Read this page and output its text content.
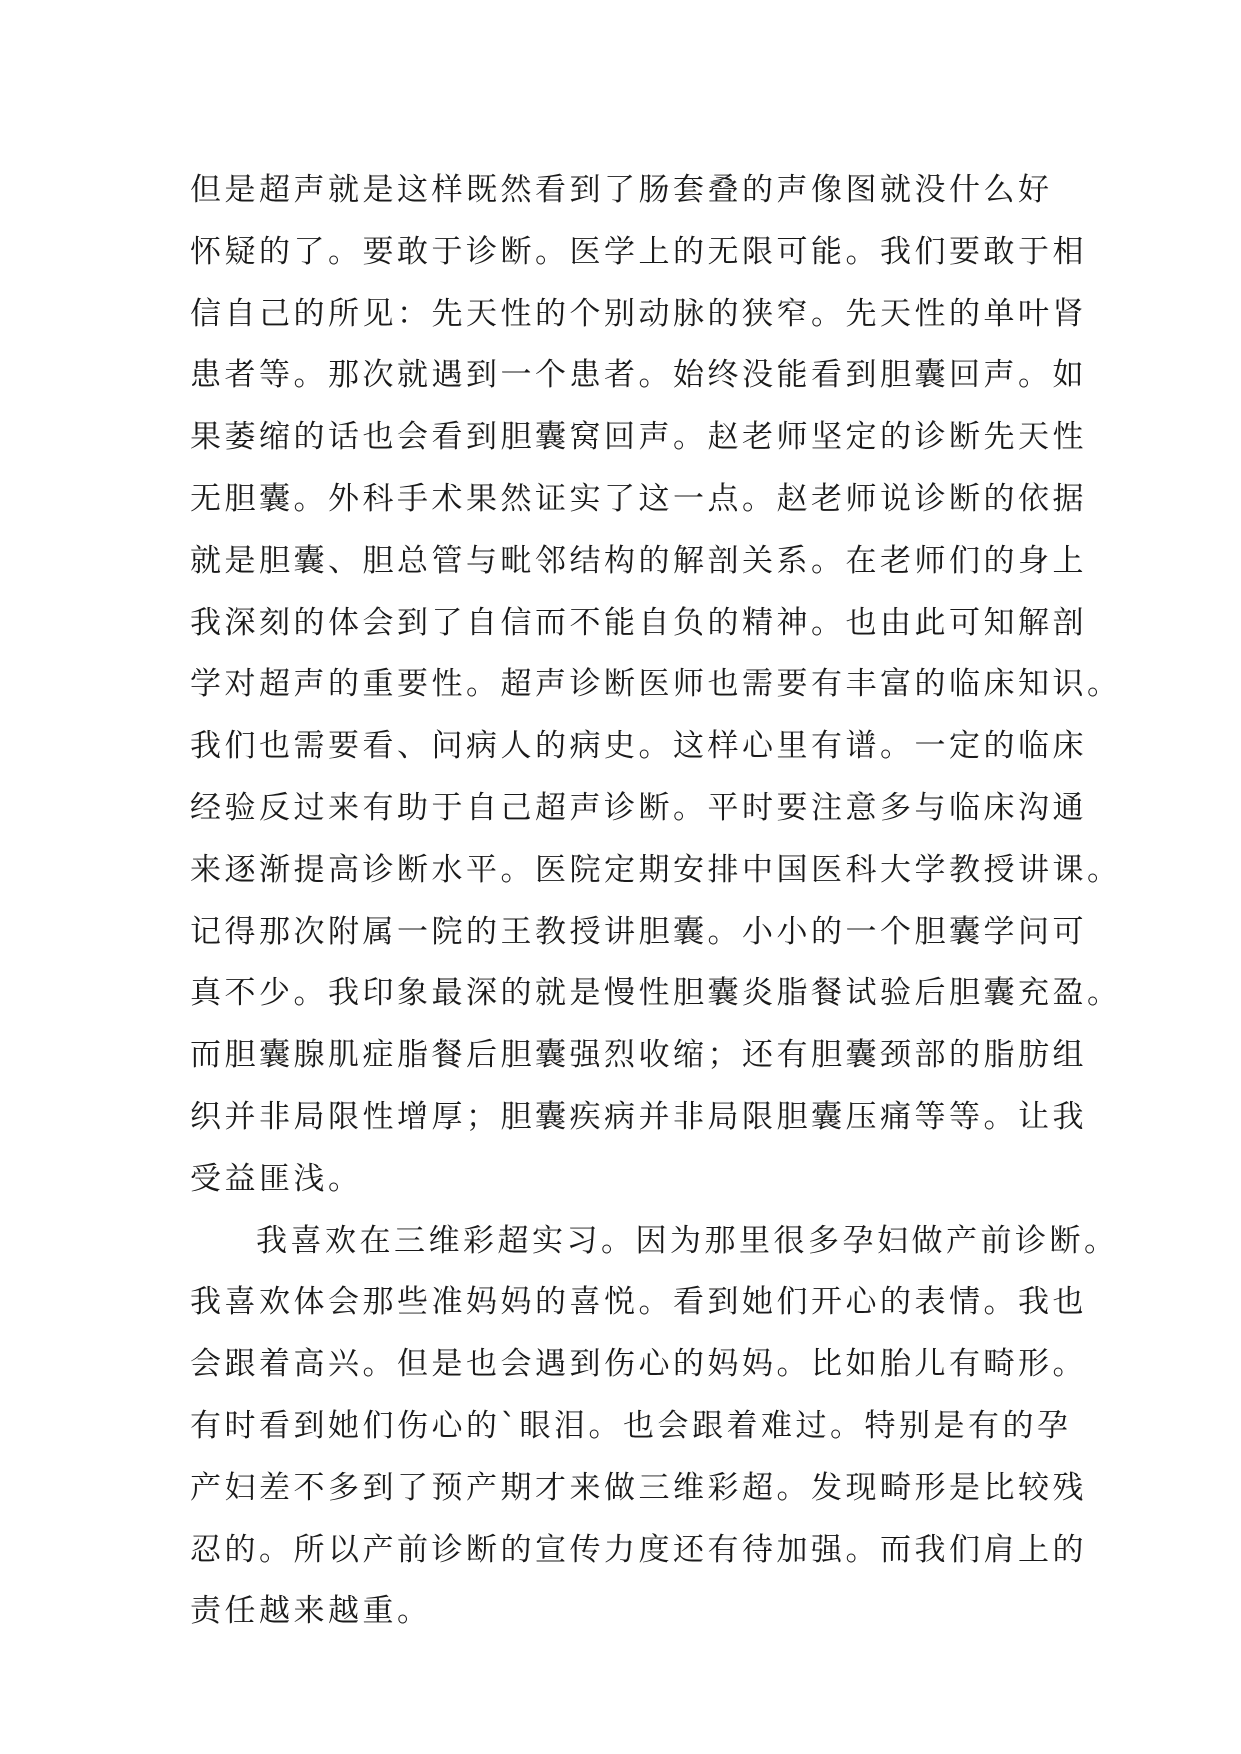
但是超声就是这样既然看到了肠套叠的声像图就没什么好
怀疑的了。要敢于诊断。医学上的无限可能。我们要敢于相
信自己的所见：先天性的个别动脉的狭窄。先天性的单叶肾
患者等。那次就遇到一个患者。始终没能看到胆囊回声。如
果萎缩的话也会看到胆囊窝回声。赵老师坚定的诊断先天性
无胆囊。外科手术果然证实了这一点。赵老师说诊断的依据
就是胆囊、胆总管与毗邻结构的解剖关系。在老师们的身上
我深刻的体会到了自信而不能自负的精神。也由此可知解剖
学对超声的重要性。超声诊断医师也需要有丰富的临床知识。
我们也需要看、问病人的病史。这样心里有谱。一定的临床
经验反过来有助于自己超声诊断。平时要注意多与临床沟通
来逐渐提高诊断水平。医院定期安排中国医科大学教授讲课。
记得那次附属一院的王教授讲胆囊。小小的一个胆囊学问可
真不少。我印象最深的就是慢性胆囊炎脂餐试验后胆囊充盈。
而胆囊腺肌症脂餐后胆囊强烈收缩；还有胆囊颈部的脂肪组
织并非局限性增厚；胆囊疾病并非局限胆囊压痛等等。让我
受益匪浅。
我喜欢在三维彩超实习。因为那里很多孕妇做产前诊断。
我喜欢体会那些准妈妈的喜悦。看到她们开心的表情。我也
会跟着高兴。但是也会遇到伤心的妈妈。比如胎儿有畸形。
有时看到她们伤心的`眼泪。也会跟着难过。特别是有的孕
产妇差不多到了预产期才来做三维彩超。发现畸形是比较残
忍的。所以产前诊断的宣传力度还有待加强。而我们肩上的
责任越来越重。
